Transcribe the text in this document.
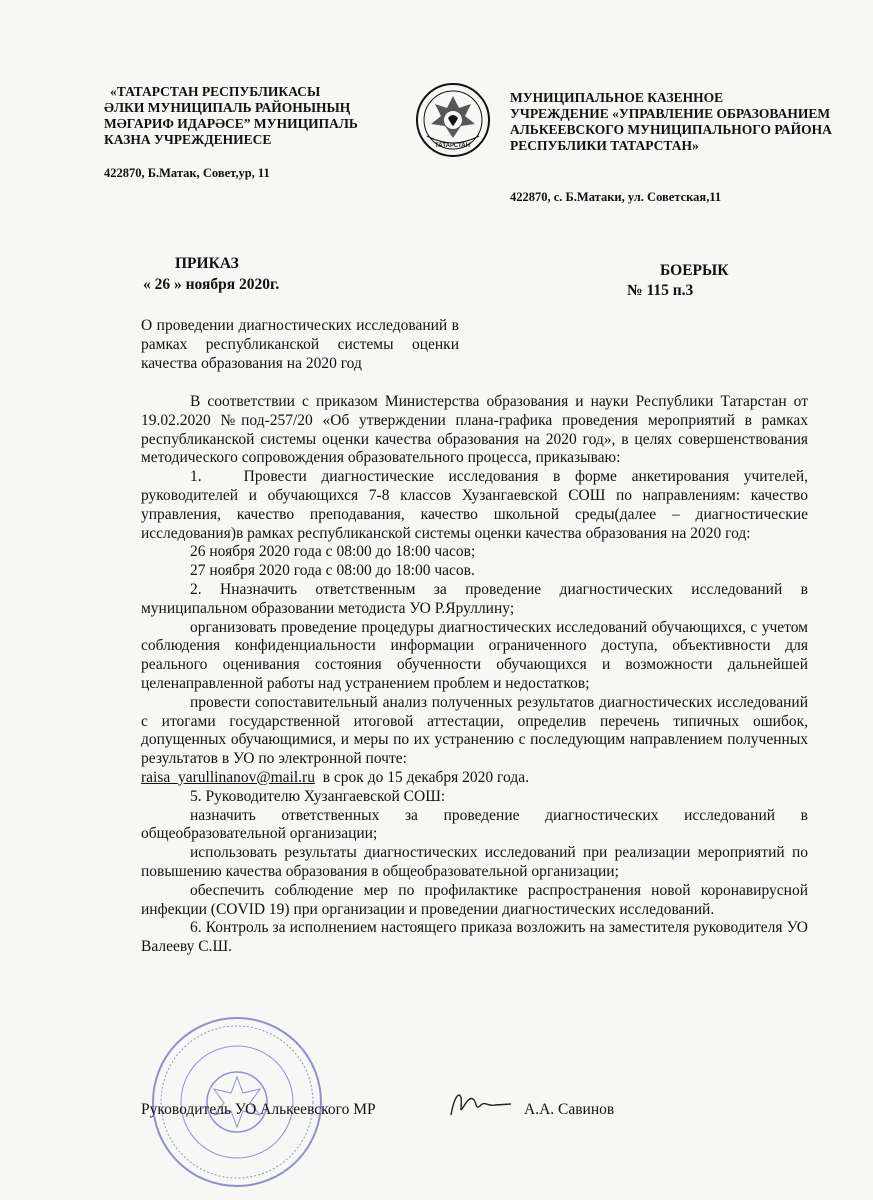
«ТАТАРСТАН РЕСПУБЛИКАСЫ
ӘЛКИ МУНИЦИПАЛЬ РАЙОНЫНЫҢ
МӘГАРИФ ИДАРӘСЕ” МУНИЦИПАЛЬ
КАЗНА УЧРЕЖДЕНИЕСЕ
422870, Б.Матак, Совет,ур, 11
ТАТАРСТАН
МУНИЦИПАЛЬНОЕ КАЗЕННОЕ
УЧРЕЖДЕНИЕ «УПРАВЛЕНИЕ ОБРАЗОВАНИЕМ
АЛЬКЕЕВСКОГО МУНИЦИПАЛЬНОГО РАЙОНА
РЕСПУБЛИКИ ТАТАРСТАН»
422870, с. Б.Матаки, ул. Советская,11
ПРИКАЗ
« 26 » ноября 2020г.
БОЕРЫК
№ 115 п.3
О проведении диагностических исследований в рамках республиканской системы оценки качества образования на 2020 год

В соответствии с приказом Министерства образования и науки Республики Татарстан от 19.02.2020 №под-257/20 «Об утверждении плана-графика проведения мероприятий в рамках республиканской системы оценки качества образования на 2020 год», в целях совершенствования методического сопровождения образовательного процесса, приказываю:

1.	Провести диагностические исследования в форме анкетирования учителей, руководителей и обучающихся 7-8 классов Хузангаевской СОШ по направлениям: качество управления, качество преподавания, качество школьной среды(далее – диагностические исследования)в рамках республиканской системы оценки качества образования на 2020 год:

26 ноября 2020 года с 08:00 до 18:00 часов;

27 ноября 2020 года с 08:00 до 18:00 часов.

2. Нназначить ответственным за проведение диагностических исследований в муниципальном образовании методиста УО Р.Яруллину;

организовать проведение процедуры диагностических исследований обучающихся, с учетом соблюдения конфиденциальности информации ограниченного доступа, объективности для реального оценивания состояния обученности обучающихся и возможности дальнейшей целенаправленной работы над устранением проблем и недостатков;

провести сопоставительный анализ полученных результатов диагностических исследований с итогами государственной итоговой аттестации, определив перечень типичных ошибок, допущенных обучающимися, и меры по их устранению с последующим направлением полученных результатов в УО по электронной почте:

raisa_yarullinanov@mail.ru в срок до 15 декабря 2020 года.

5. Руководителю Хузангаевской СОШ:

назначить ответственных за проведение диагностических исследований в общеобразовательной организации;

использовать результаты диагностических исследований при реализации мероприятий по повышению качества образования в общеобразовательной организации;

обеспечить соблюдение мер по профилактике распространения новой коронавирусной инфекции (COVID 19) при организации и проведении диагностических исследований.

6. Контроль за исполнением настоящего приказа возложить на заместителя руководителя УО Валееву С.Ш.

Руководитель УО Алькеевского МР	А.А. Савинов
